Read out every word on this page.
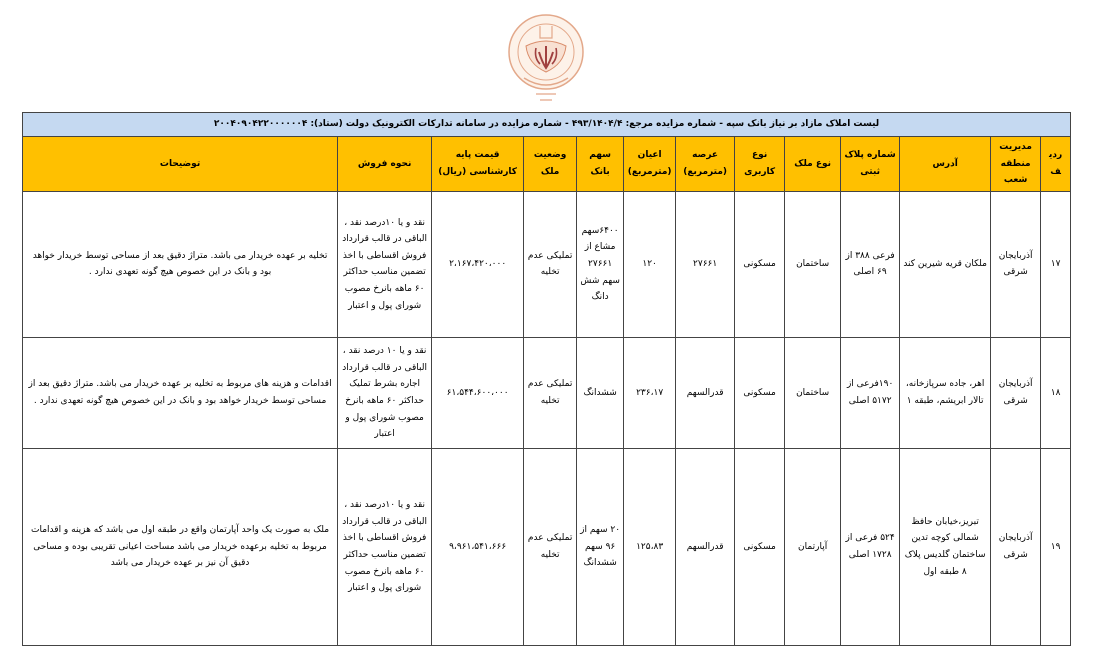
لیست املاک مازاد بر نیاز بانک سپه - شماره مزایده مرجع: ۴۹۳/۱۴۰۴/۴ - شماره مزایده در سامانه تدارکات الکترونیک دولت (ستاد): ۲۰۰۴۰۹۰۴۲۲۰۰۰۰۰۰۴												
ردیف	مدیریت منطقه شعب	آدرس	شماره پلاک ثبتی	نوع ملک	نوع کاربری	عرصه (مترمربع)	اعیان (مترمربع)	سهم بانک	وضعیت ملک	قیمت پایه کارشناسی (ریال)	نحوه فروش	توضیحات
۱۷	آذربایجان شرقی	ملکان قریه شیرین کند	فرعی ۳۸۸ از ۶۹ اصلی	ساختمان	مسکونی	۲۷۶۶۱	۱۲۰	۶۴۰۰سهم مشاع از ۲۷۶۶۱ سهم شش دانگ	تملیکی عدم تخلیه	۲،۱۶۷،۴۲۰،۰۰۰	نقد و یا ۱۰درصد نقد ، الباقی در قالب قرارداد فروش اقساطی با اخذ تضمین مناسب حداکثر ۶۰ ماهه بانرخ مصوب شورای پول و اعتبار	تخلیه بر عهده خریدار می باشد. متراژ دقیق بعد از مساحی توسط خریدار خواهد بود و بانک در این خصوص هیچ گونه تعهدی ندارد .
۱۸	آذربایجان شرقی	اهر، جاده سرپازخانه، تالار ابریشم، طبقه ۱	۱۹۰فرعی از ۵۱۷۲ اصلی	ساختمان	مسکونی	قدرالسهم	۲۳۶،۱۷	ششدانگ	تملیکی عدم تخلیه	۶۱،۵۴۴،۶۰۰،۰۰۰	نقد و یا ۱۰ درصد نقد ، الباقی در قالب قرارداد اجاره بشرط تملیک حداکثر ۶۰ ماهه بانرخ مصوب شورای پول و اعتبار	اقدامات و هزینه های مربوط به تخلیه بر عهده خریدار می باشد. متراژ دقیق بعد از مساحی توسط خریدار خواهد بود و بانک در این خصوص هیچ گونه تعهدی ندارد .
۱۹	آذربایجان شرقی	تبریز،خیابان حافظ شمالی کوچه تدین ساختمان گلدیس پلاک ۸ طبقه اول	۵۲۴ فرعی از ۱۷۲۸ اصلی	آپارتمان	مسکونی	قدرالسهم	۱۲۵،۸۳	۲۰ سهم از ۹۶ سهم ششدانگ	تملیکی عدم تخلیه	۹،۹۶۱،۵۴۱،۶۶۶	نقد و یا ۱۰درصد نقد ، الباقی در قالب قرارداد فروش اقساطی با اخذ تضمین مناسب حداکثر ۶۰ ماهه بانرخ مصوب شورای پول و اعتبار	ملک به صورت یک واحد آپارتمان واقع در طبقه اول می باشد که هزینه و اقدامات مربوط به تخلیه برعهده خریدار می باشد مساحت اعیانی تقریبی بوده و مساحی دقیق آن نیز بر عهده خریدار می باشد
